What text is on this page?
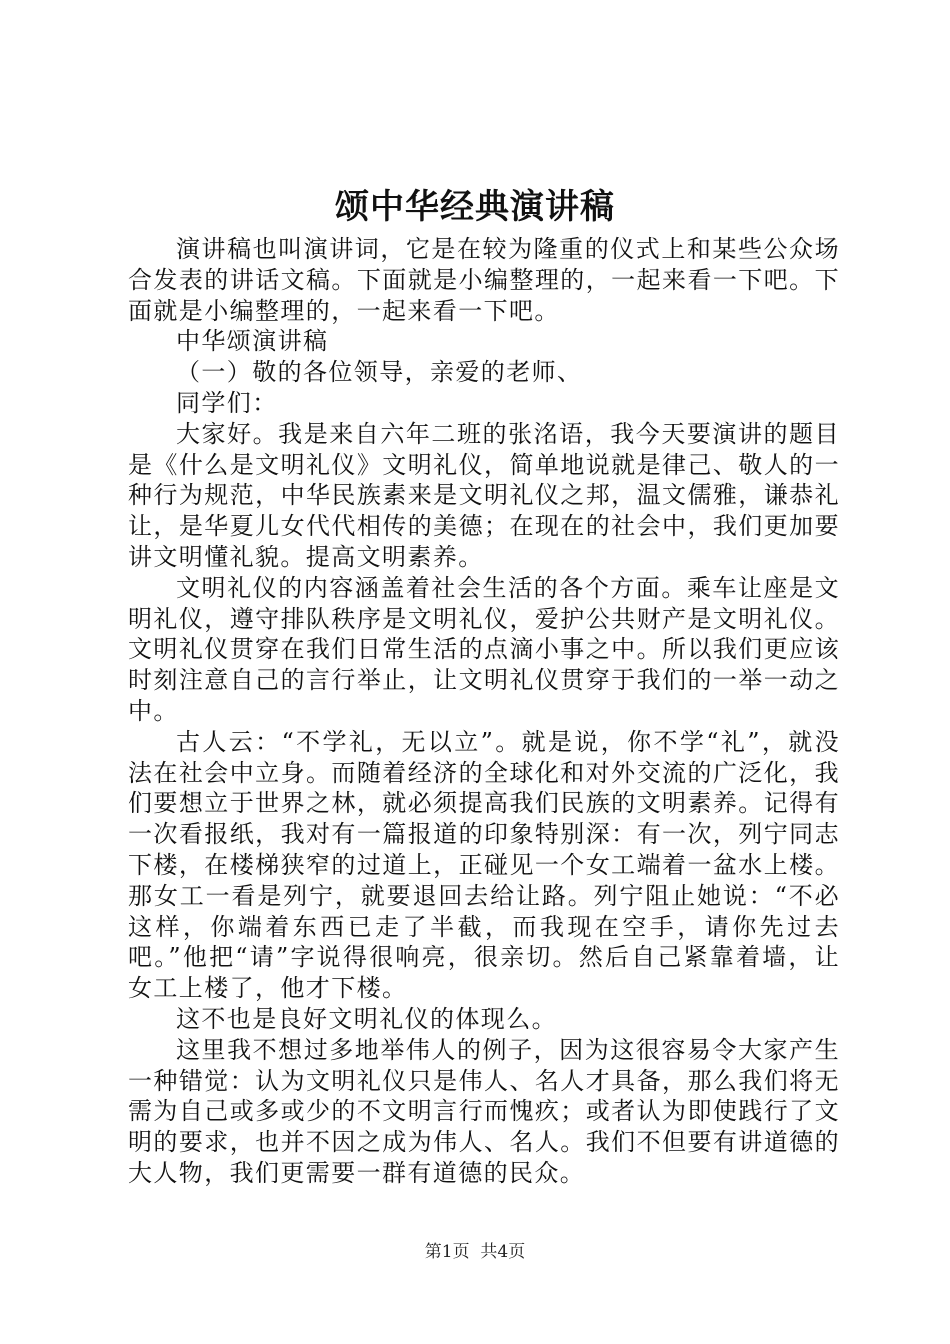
颂中华经典演讲稿

演讲稿也叫演讲词，它是在较为隆重的仪式上和某些公众场合发表的讲话文稿。下面就是小编整理的，一起来看一下吧。下面就是小编整理的，一起来看一下吧。

中华颂演讲稿

（一）敬的各位领导，亲爱的老师、

同学们：

大家好。我是来自六年二班的张洺语，我今天要演讲的题目是《什么是文明礼仪》文明礼仪，简单地说就是律己、敬人的一种行为规范，中华民族素来是文明礼仪之邦，温文儒雅，谦恭礼让，是华夏儿女代代相传的美德；在现在的社会中，我们更加要讲文明懂礼貌。提高文明素养。

文明礼仪的内容涵盖着社会生活的各个方面。乘车让座是文明礼仪，遵守排队秩序是文明礼仪，爱护公共财产是文明礼仪。文明礼仪贯穿在我们日常生活的点滴小事之中。所以我们更应该时刻注意自己的言行举止，让文明礼仪贯穿于我们的一举一动之中。

古人云：“不学礼，无以立”。就是说，你不学“礼”，就没法在社会中立身。而随着经济的全球化和对外交流的广泛化，我们要想立于世界之林，就必须提高我们民族的文明素养。记得有一次看报纸，我对有一篇报道的印象特别深：有一次，列宁同志下楼，在楼梯狭窄的过道上，正碰见一个女工端着一盆水上楼。那女工一看是列宁，就要退回去给让路。列宁阻止她说：“不必这样，你端着东西已走了半截，而我现在空手，请你先过去吧。”他把“请”字说得很响亮，很亲切。然后自己紧靠着墙，让女工上楼了，他才下楼。

这不也是良好文明礼仪的体现么。

这里我不想过多地举伟人的例子，因为这很容易令大家产生一种错觉：认为文明礼仪只是伟人、名人才具备，那么我们将无需为自己或多或少的不文明言行而愧疚；或者认为即使践行了文明的要求，也并不因之成为伟人、名人。我们不但要有讲道德的大人物，我们更需要一群有道德的民众。

第1页 共4页
